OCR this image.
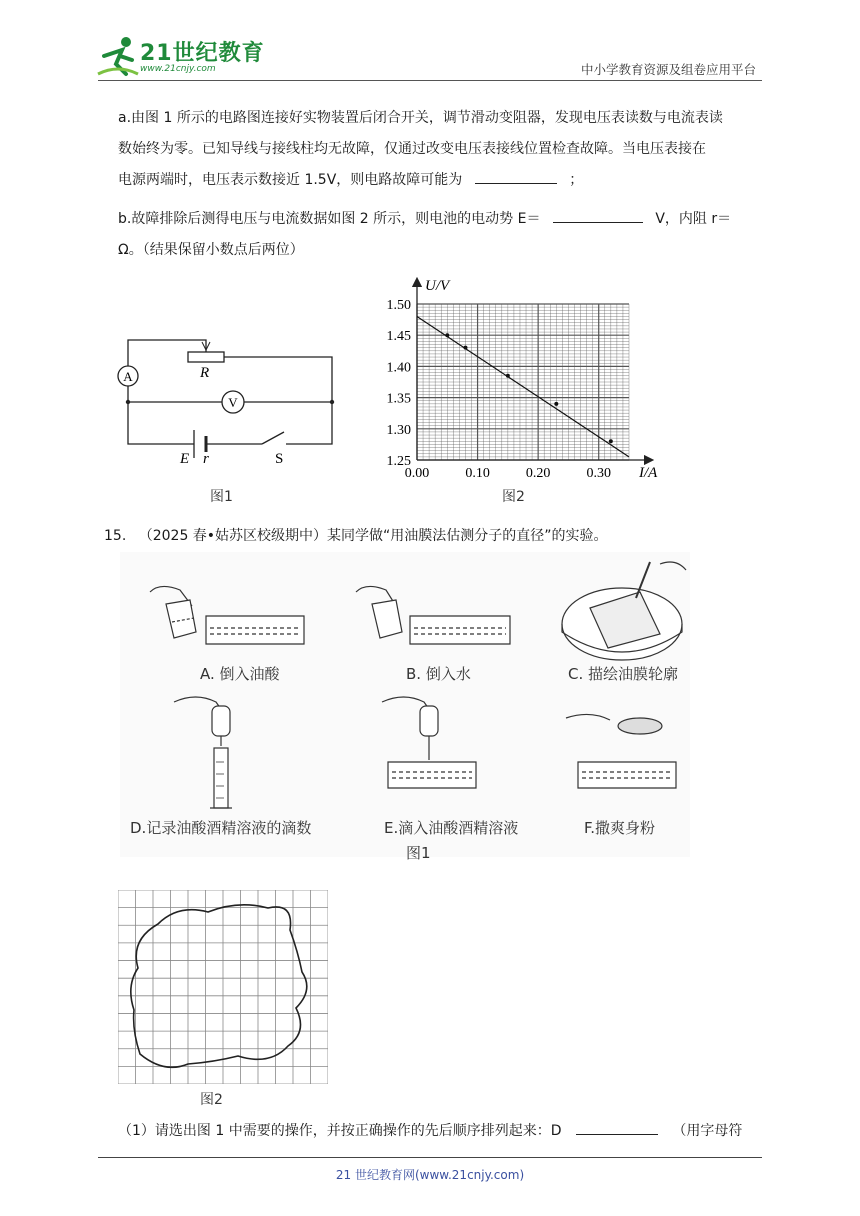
21世纪教育
www.21cnjy.com	中小学教育资源及组卷应用平台
a.由图 1 所示的电路图连接好实物装置后闭合开关，调节滑动变阻器，发现电压表读数与电流表读
数始终为零。已知导线与接线柱均无故障，仅通过改变电压表接线位置检查故障。当电压表接在
电源两端时，电压表示数接近 1.5V，则电路故障可能为	；
b.故障排除后测得电压与电流数据如图 2 所示，则电池的电动势 E＝	V，内阻 r＝
Ω。（结果保留小数点后两位）
A
V
R
E r	S
图1
1.25
1.30
1.35
1.40
1.45
1.50
0.00	0.10	0.20	0.30
U/V
I/A
图2
15. （2025 春•姑苏区校级期中）某同学做“用油膜法估测分子的直径”的实验。
A. 倒入油酸	B. 倒入水	C. 描绘油膜轮廓
D.记录油酸酒精溶液的滴数	E.滴入油酸酒精溶液	F.撒爽身粉
图1
图2
（1）请选出图 1 中需要的操作，并按正确操作的先后顺序排列起来：D	（用字母符
21 世纪教育网(www.21cnjy.com)
